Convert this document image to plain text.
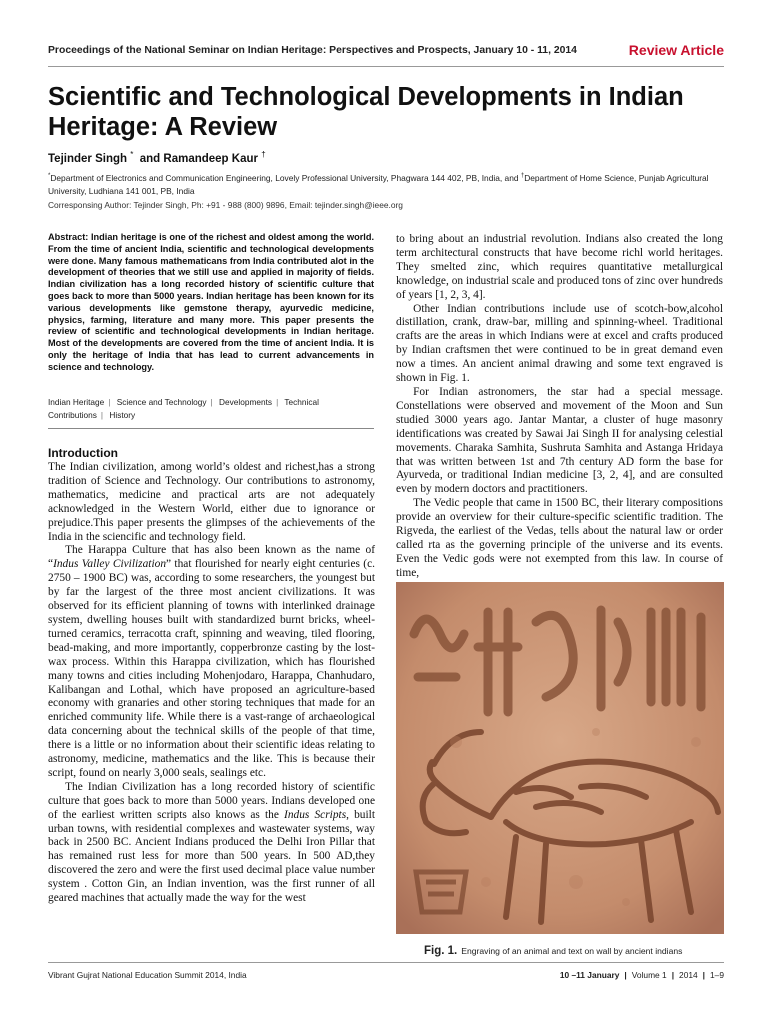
Proceedings of the National Seminar on Indian Heritage: Perspectives and Prospects, January 10 - 11, 2014	Review Article
Scientific and Technological Developments in Indian Heritage: A Review
Tejinder Singh * and Ramandeep Kaur †
*Department of Electronics and Communication Engineering, Lovely Professional University, Phagwara 144 402, PB, India, and †Department of Home Science, Punjab Agricultural University, Ludhiana 141 001, PB, India
Corresponsing Author: Tejinder Singh, Ph: +91 - 988 (800) 9896, Email: tejinder.singh@ieee.org
Abstract: Indian heritage is one of the richest and oldest among the world. From the time of ancient India, scientific and technological developments were done. Many famous mathematicans from India contributed alot in the development of theories that we still use and applied in majority of fields. Indian civilization has a long recorded history of scientific culture that goes back to more than 5000 years. Indian heritage has been known for its various developments like gemstone therapy, ayurvedic medicine, physics, farming, literature and many more. This paper presents the review of scientific and technological developments in Indian heritage. Most of the developments are covered from the time of ancient India. It is only the heritage of India that has lead to current advancements in science and technology.
Indian Heritage | Science and Technology | Developments | Technical Contributions | History
Introduction

The Indian civilization, among world’s oldest and richest,has a strong tradition of Science and Technology. Our contributions to astronomy, mathematics, medicine and practical arts are not adequately acknowledged in the Western World, either due to ignorance or prejudice.This paper presents the glimpses of the achievements of the India in the sciencific and technology field.

The Harappa Culture that has also been known as the name of “Indus Valley Civilization” that flourished for nearly eight centuries (c. 2750 – 1900 BC) was, according to some researchers, the youngest but by far the largest of the three most ancient civilizations. It was observed for its efficient planning of towns with interlinked drainage system, dwelling houses built with standardized burnt bricks, wheel-turned ceramics, terracotta craft, spinning and weaving, tiled flooring, bead-making, and more importantly, copperbronze casting by the lost-wax process. Within this Harappa civilization, which has flourished many towns and cities including Mohenjodaro, Harappa, Chanhudaro, Kalibangan and Lothal, which have proposed an agriculture-based economy with granaries and other storing techniques that made for an enriched community life. While there is a vast-range of archaeological data concerning about the technical skills of the people of that time, there is a little or no information about their scientific ideas relating to astronomy, medicine, mathematics and the like. This is because their script, found on nearly 3,000 seals, sealings etc.

The Indian Civilization has a long recorded history of scientific culture that goes back to more than 5000 years. Indians developed one of the earliest written scripts also knows as the Indus Scripts, built urban towns, with residential complexes and wastewater systems, way back in 2500 BC. Ancient Indians produced the Delhi Iron Pillar that has remained rust less for more than 500 years. In 500 AD,they discovered the zero and were the first used decimal place value number system . Cotton Gin, an Indian invention, was the first runner of all geared machines that actually made the way for the west

to bring about an industrial revolution. Indians also created the long term architectural constructs that have become richl world heritages. They smelted zinc, which requires quantitative metallurgical knowledge, on industrial scale and produced tons of zinc over hundreds of years [1, 2, 3, 4].

Other Indian contributions include use of scotch-bow,alcohol distillation, crank, draw-bar, milling and spinning-wheel. Traditional crafts are the areas in which Indians were at excel and crafts produced by Indian craftsmen thet were continued to be in great demand even now a times. An ancient animal drawing and some text engraved is shown in Fig. 1.

For Indian astronomers, the star had a special message. Constellations were observed and movement of the Moon and Sun studied 3000 years ago. Jantar Mantar, a cluster of huge masonry identifications was created by Sawai Jai Singh II for analysing celestial movements. Charaka Samhita, Sushruta Samhita and Astanga Hridaya that was written between 1st and 7th century AD form the base for Ayurveda, or traditional Indian medicine [3, 2, 4], and are consulted even by modern doctors and practitioners.

The Vedic people that came in 1500 BC, their literary compositions provide an overview for their culture-specific scientific tradition. The Rigveda, the earliest of the Vedas, tells about the natural law or order called rta as the governing principle of the universe and its events. Even the Vedic gods were not exempted from this law. In course of time,

Fig. 1. Engraving of an animal and text on wall by ancient indians
Vibrant Gujrat National Education Summit 2014, India	10 –11 January | Volume 1 | 2014 | 1–9
